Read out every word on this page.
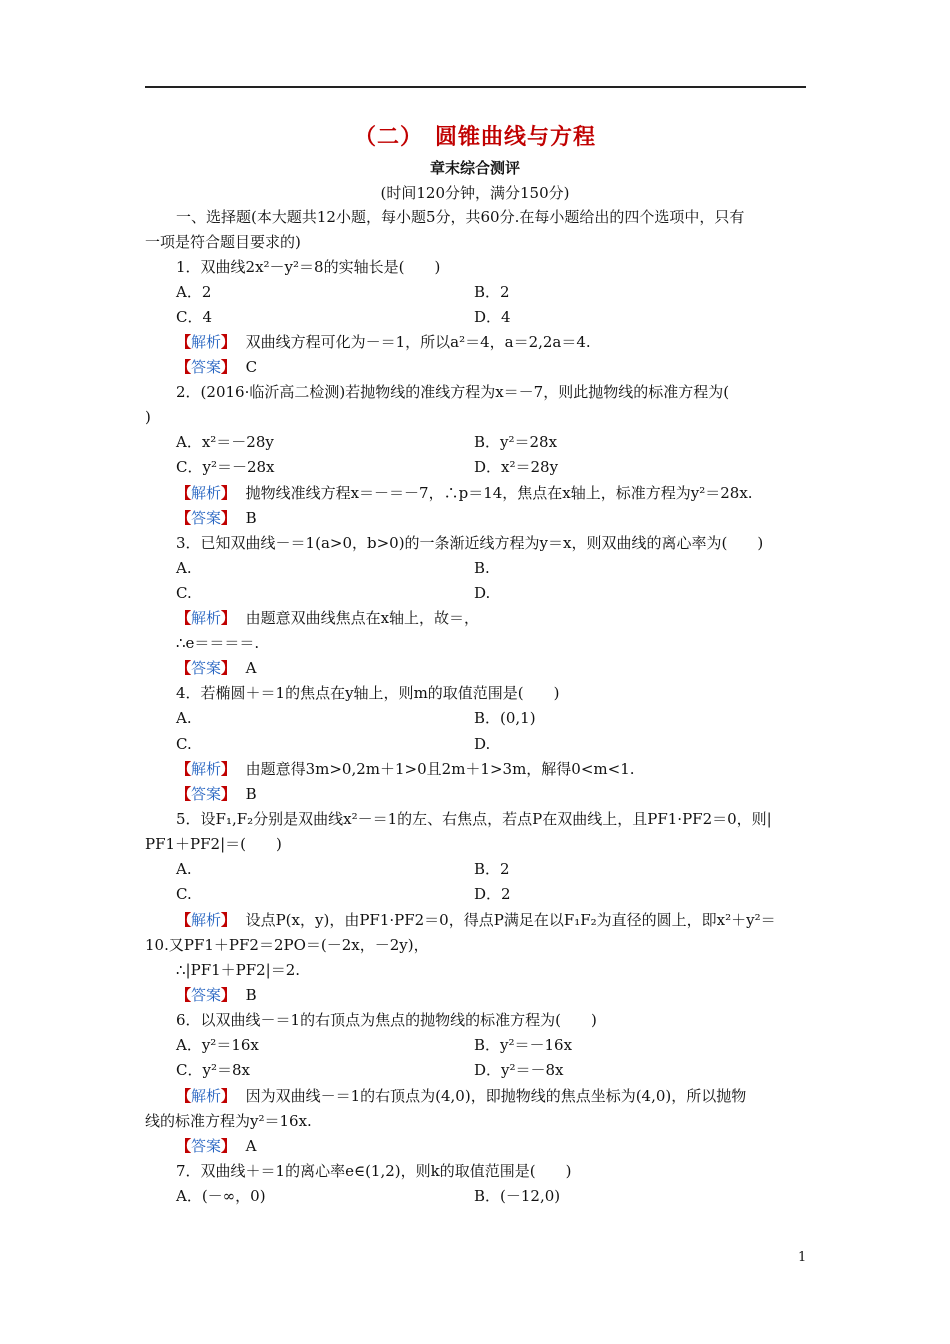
（二）　圆锥曲线与方程
章末综合测评
(时间120分钟，满分150分)
一、选择题(本大题共12小题，每小题5分，共60分.在每小题给出的四个选项中，只有
一项是符合题目要求的)
1．双曲线2x²－y²＝8的实轴长是(　　)
A．2	B．2
C．4	D．4
【解析】 双曲线方程可化为－＝1，所以a²＝4，a＝2,2a＝4.
【答案】 C
2．(2016·临沂高二检测)若抛物线的准线方程为x＝－7，则此抛物线的标准方程为(
)
A．x²＝－28y	B．y²＝28x
C．y²＝－28x	D．x²＝28y
【解析】 抛物线准线方程x＝－＝－7，∴p＝14，焦点在x轴上，标准方程为y²＝28x.
【答案】 B
3．已知双曲线－＝1(a>0，b>0)的一条渐近线方程为y＝x，则双曲线的离心率为(　　)
A.	B.
C.	D.
【解析】 由题意双曲线焦点在x轴上，故＝，
∴e＝＝＝＝.
【答案】 A
4．若椭圆＋＝1的焦点在y轴上，则m的取值范围是(　　)
A.	B．(0,1)
C.	D.
【解析】 由题意得3m>0,2m＋1>0且2m＋1>3m，解得0<m<1.
【答案】 B
5．设F₁,F₂分别是双曲线x²－＝1的左、右焦点，若点P在双曲线上，且PF1·PF2＝0，则|
PF1＋PF2|＝(　　)
A.	B．2
C.	D．2
【解析】 设点P(x，y)，由PF1·PF2＝0，得点P满足在以F₁F₂为直径的圆上，即x²＋y²＝
10.又PF1＋PF2＝2PO＝(－2x，－2y)，
∴|PF1＋PF2|＝2.
【答案】 B
6．以双曲线－＝1的右顶点为焦点的抛物线的标准方程为(　　)
A．y²＝16x	B．y²＝－16x
C．y²＝8x	D．y²＝－8x
【解析】 因为双曲线－＝1的右顶点为(4,0)，即抛物线的焦点坐标为(4,0)，所以抛物
线的标准方程为y²＝16x.
【答案】 A
7．双曲线＋＝1的离心率e∈(1,2)，则k的取值范围是(　　)
A．(－∞，0)	B．(－12,0)
1
